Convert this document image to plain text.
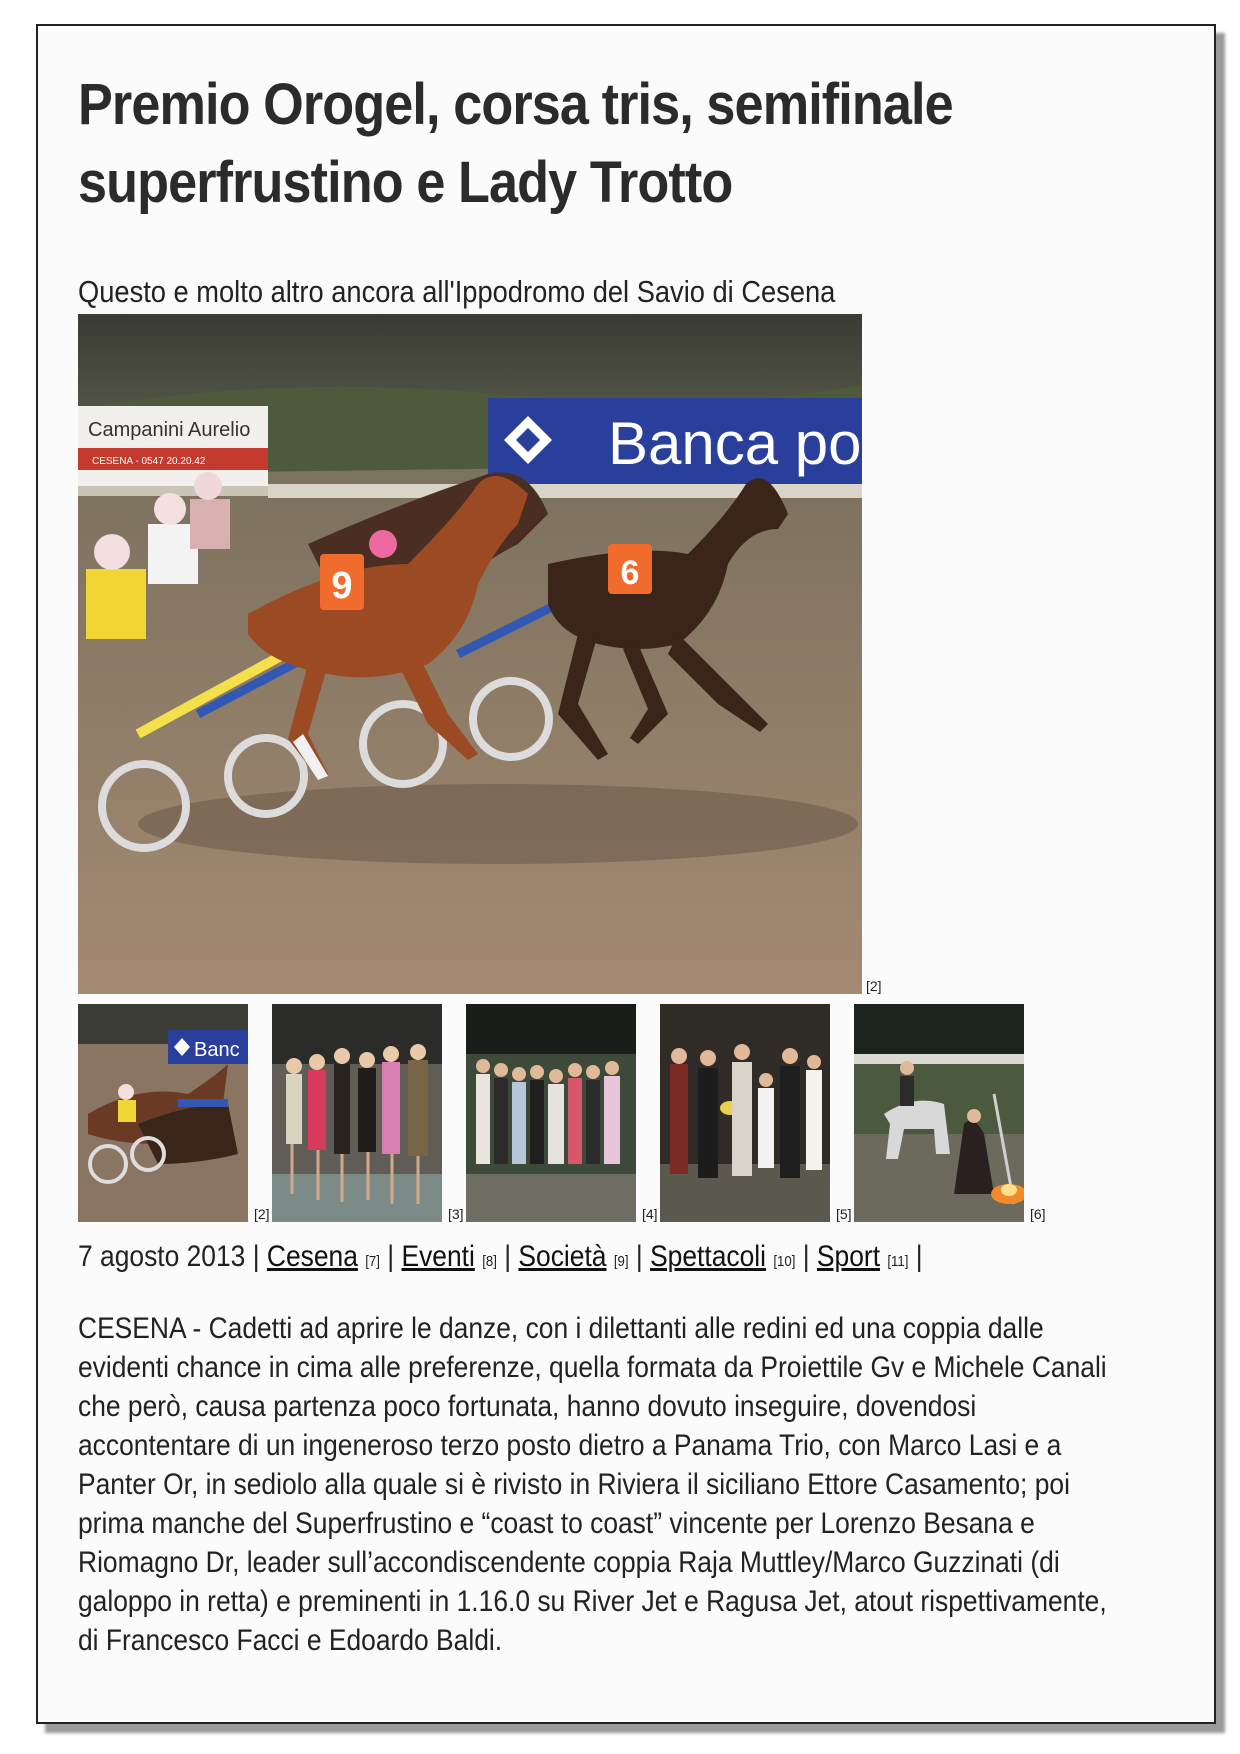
Premio Orogel, corsa tris, semifinale superfrustino e Lady Trotto
Questo e molto altro ancora all'Ippodromo del Savio di Cesena
Campanini Aurelio
CESENA - 0547 20.20.42	Banca po
6
9
[2]
Banc
[2]	[3]	[4]	[5]	[6]
7 agosto 2013 | Cesena [7] | Eventi [8] | Società [9] | Spettacoli [10] | Sport [11] |

CESENA - Cadetti ad aprire le danze, con i dilettanti alle redini ed una coppia dalle evidenti chance in cima alle preferenze, quella formata da Proiettile Gv e Michele Canali che però, causa partenza poco fortunata, hanno dovuto inseguire, dovendosi accontentare di un ingeneroso terzo posto dietro a Panama Trio, con Marco Lasi e a Panter Or, in sediolo alla quale si è rivisto in Riviera il siciliano Ettore Casamento; poi prima manche del Superfrustino e “coast to coast” vincente per Lorenzo Besana e Riomagno Dr, leader sull’accondiscendente coppia Raja Muttley/Marco Guzzinati (di galoppo in retta) e preminenti in 1.16.0 su River Jet e Ragusa Jet, atout rispettivamente, di Francesco Facci e Edoardo Baldi.
